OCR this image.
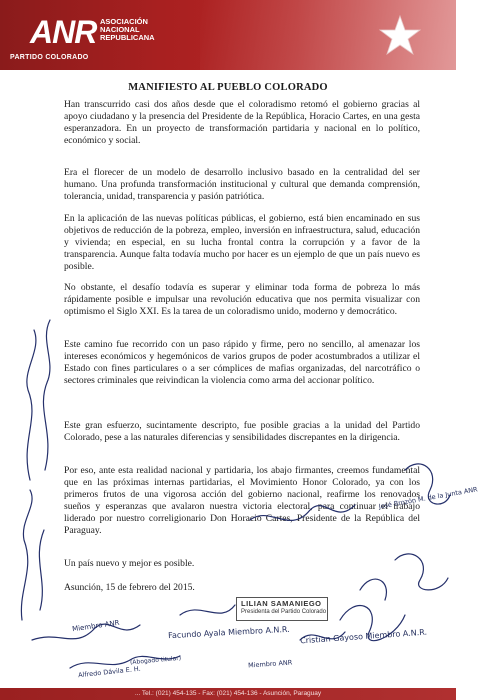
ANR ASOCIACIÓN
NACIONAL
REPUBLICANA
PARTIDO COLORADO
MANIFIESTO AL PUEBLO COLORADO
Han transcurrido casi dos años desde que el coloradismo retomó el gobierno gracias al apoyo ciudadano y la presencia del Presidente de la República, Horacio Cartes, en una gesta esperanzadora. En un proyecto de transformación partidaria y nacional en lo político, económico y social.
Era el florecer de un modelo de desarrollo inclusivo basado en la centralidad del ser humano. Una profunda transformación institucional y cultural que demanda comprensión, tolerancia, unidad, transparencia y pasión patriótica.
En la aplicación de las nuevas políticas públicas, el gobierno, está bien encaminado en sus objetivos de reducción de la pobreza, empleo, inversión en infraestructura, salud, educación y vivienda; en especial, en su lucha frontal contra la corrupción y a favor de la transparencia. Aunque falta todavía mucho por hacer es un ejemplo de que un país nuevo es posible.
No obstante, el desafío todavía es superar y eliminar toda forma de pobreza lo más rápidamente posible e impulsar una revolución educativa que nos permita visualizar con optimismo el Siglo XXI. Es la tarea de un coloradismo unido, moderno y democrático.
Este camino fue recorrido con un paso rápido y firme, pero no sencillo, al amenazar los intereses económicos y hegemónicos de varios grupos de poder acostumbrados a utilizar el Estado con fines particulares o a ser cómplices de mafias organizadas, del narcotráfico o sectores criminales que reivindican la violencia como arma del accionar político.
Este gran esfuerzo, sucintamente descripto, fue posible gracias a la unidad del Partido Colorado, pese a las naturales diferencias y sensibilidades discrepantes en la dirigencia.
Por eso, ante esta realidad nacional y partidaria, los abajo firmantes, creemos fundamental que en las próximas internas partidarias, el Movimiento Honor Colorado, ya con los primeros frutos de una vigorosa acción del gobierno nacional, reafirme los renovados sueños y esperanzas que avalaron nuestra victoria electoral, para continuar el trabajo liderado por nuestro correligionario Don Horacio Cartes, Presidente de la República del Paraguay.
Un país nuevo y mejor es posible.
Asunción, 15 de febrero del 2015.
LILIAN SAMANIEGO
Presidenta del Partido Colorado
Facundo Ayala Miembro A.N.R. Cristian Gayoso Miembro A.N.R.
José Brozón M. de la Junta ANR
Miembro ANR
(Abogado titular)
Alfredo Dávila E. H.
Miembro ANR
... Tel.: (021) 454-135 - Fax: (021) 454-136 - Asunción, Paraguay
